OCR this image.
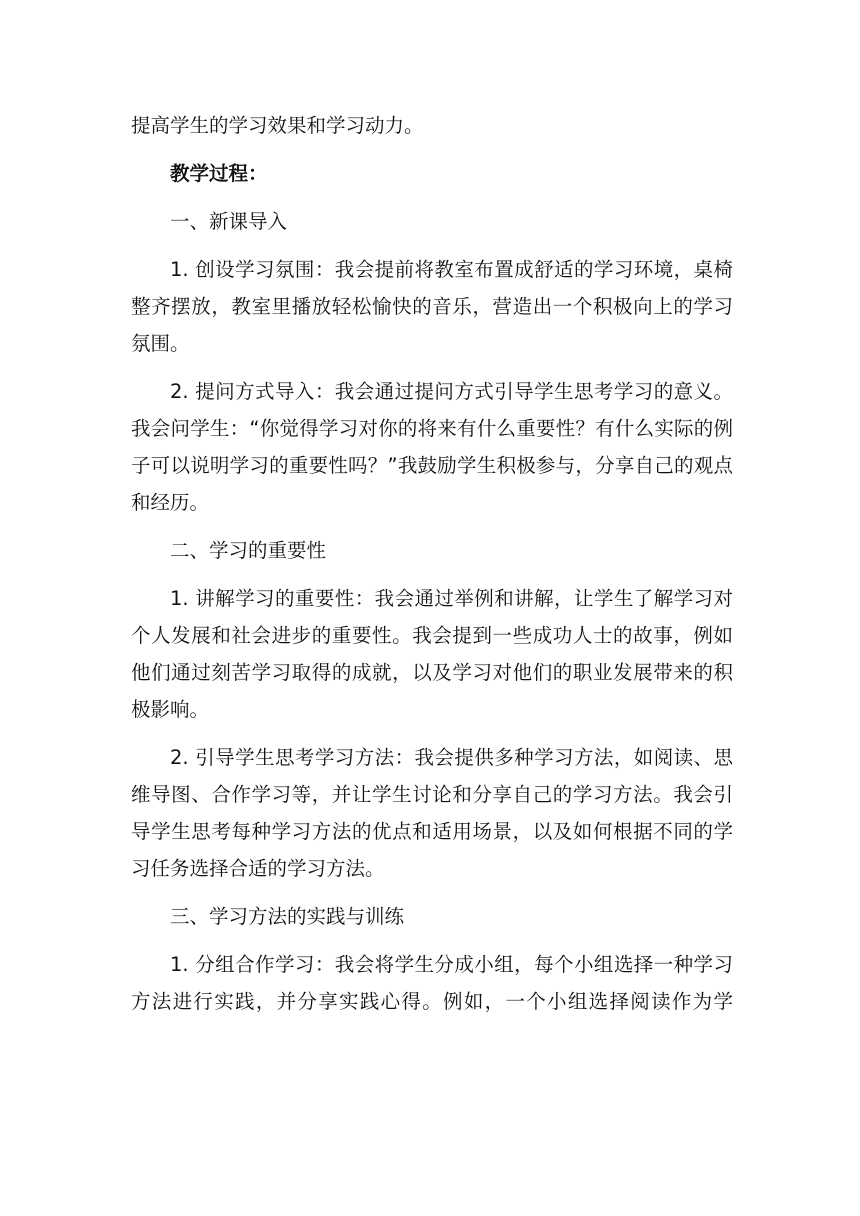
提高学生的学习效果和学习动力。

教学过程：

一、新课导入

1. 创设学习氛围：我会提前将教室布置成舒适的学习环境，桌椅整齐摆放，教室里播放轻松愉快的音乐，营造出一个积极向上的学习氛围。

2. 提问方式导入：我会通过提问方式引导学生思考学习的意义。我会问学生：“你觉得学习对你的将来有什么重要性？有什么实际的例子可以说明学习的重要性吗？”我鼓励学生积极参与，分享自己的观点和经历。

二、学习的重要性

1. 讲解学习的重要性：我会通过举例和讲解，让学生了解学习对个人发展和社会进步的重要性。我会提到一些成功人士的故事，例如他们通过刻苦学习取得的成就，以及学习对他们的职业发展带来的积极影响。

2. 引导学生思考学习方法：我会提供多种学习方法，如阅读、思维导图、合作学习等，并让学生讨论和分享自己的学习方法。我会引导学生思考每种学习方法的优点和适用场景，以及如何根据不同的学习任务选择合适的学习方法。

三、学习方法的实践与训练

1. 分组合作学习：我会将学生分成小组，每个小组选择一种学习方法进行实践，并分享实践心得。例如，一个小组选择阅读作为学
